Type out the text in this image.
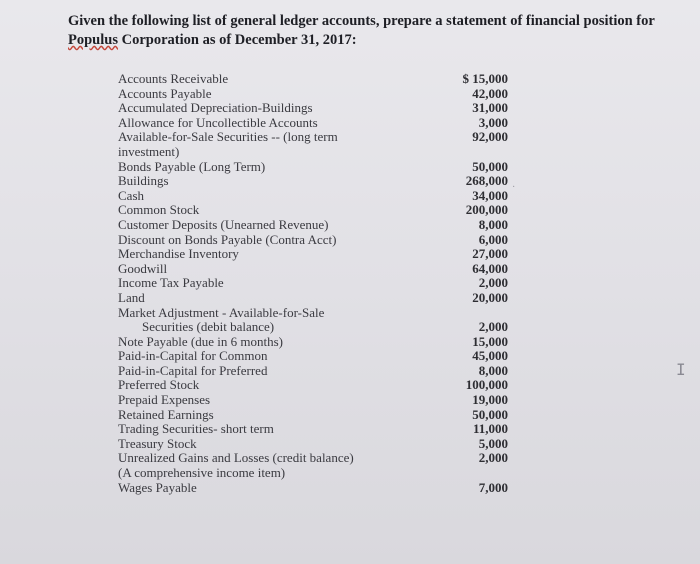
Given the following list of general ledger accounts, prepare a statement of financial position for
Populus Corporation as of December 31, 2017:
Accounts Receivable	$ 15,000
Accounts Payable	42,000
Accumulated Depreciation-Buildings	31,000
Allowance for Uncollectible Accounts	3,000
Available-for-Sale Securities -- (long term	92,000
investment)
Bonds Payable (Long Term)	50,000
Buildings	268,000
Cash	34,000
Common Stock	200,000
Customer Deposits (Unearned Revenue)	8,000
Discount on Bonds Payable (Contra Acct)	6,000
Merchandise Inventory	27,000
Goodwill	64,000
Income Tax Payable	2,000
Land	20,000
Market Adjustment - Available-for-Sale
Securities (debit balance)	2,000
Note Payable (due in 6 months)	15,000
Paid-in-Capital for Common	45,000
Paid-in-Capital for Preferred	8,000
Preferred Stock	100,000
Prepaid Expenses	19,000
Retained Earnings	50,000
Trading Securities- short term	11,000
Treasury Stock	5,000
Unrealized Gains and Losses (credit balance)	2,000
(A comprehensive income item)
Wages Payable	7,000
·
I
